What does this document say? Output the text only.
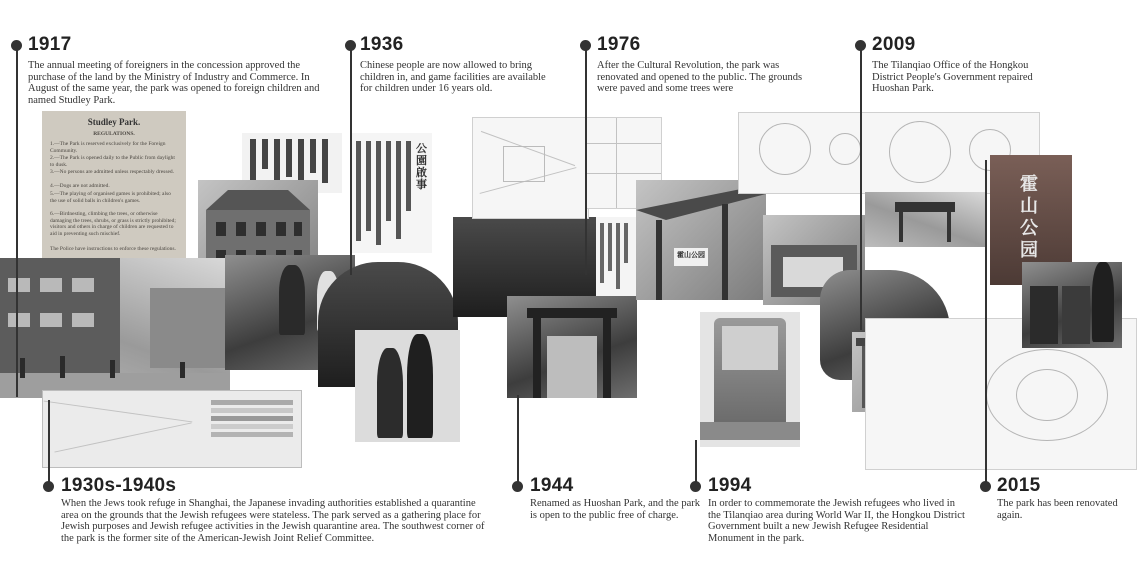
Studley Park.
REGULATIONS.
1.—The Park is reserved exclusively for the Foreign Community.
2.—The Park is opened daily to the Public from daylight to dusk.
3.—No persons are admitted unless respectably dressed.
4.—Dogs are not admitted.
5.—The playing of organised games is prohibited; also the use of solid balls in children's games.
6.—Birdnesting, climbing the trees, or otherwise damaging the trees, shrubs, or grass is strictly prohibited; visitors and others in charge of children are requested to aid in preventing such mischief.
The Police have instructions to enforce these regulations.
公園啟事
霍山公园
霍山公园
1917
The annual meeting of foreigners in the concession approved the purchase of the land by the Ministry of Industry and Commerce. In August of the same year, the park was opened to foreign children and named Studley Park.
1936
Chinese people are now allowed to bring children in, and game facilities are available for children under 16 years old.
1976
After the Cultural Revolution, the park was renovated and opened to the public. The grounds were paved and some trees were
2009
The Tilanqiao Office of the Hongkou District People's Government repaired Huoshan Park.
1930s-1940s
When the Jews took refuge in Shanghai, the Japanese invading authorities established a quarantine area on the grounds that the Jewish refugees were stateless. The park served as a gathering place for Jewish purposes and Jewish refugee activities in the Jewish quarantine area. The southwest corner of the park is the former site of the American-Jewish Joint Relief Committee.
1944
Renamed as Huoshan Park, and the park is open to the public free of charge.
1994
In order to commemorate the Jewish refugees who lived in the Tilanqiao area during World War II, the Hongkou District Government built a new Jewish Refugee Residential Monument in the park.
2015
The park has been renovated again.
